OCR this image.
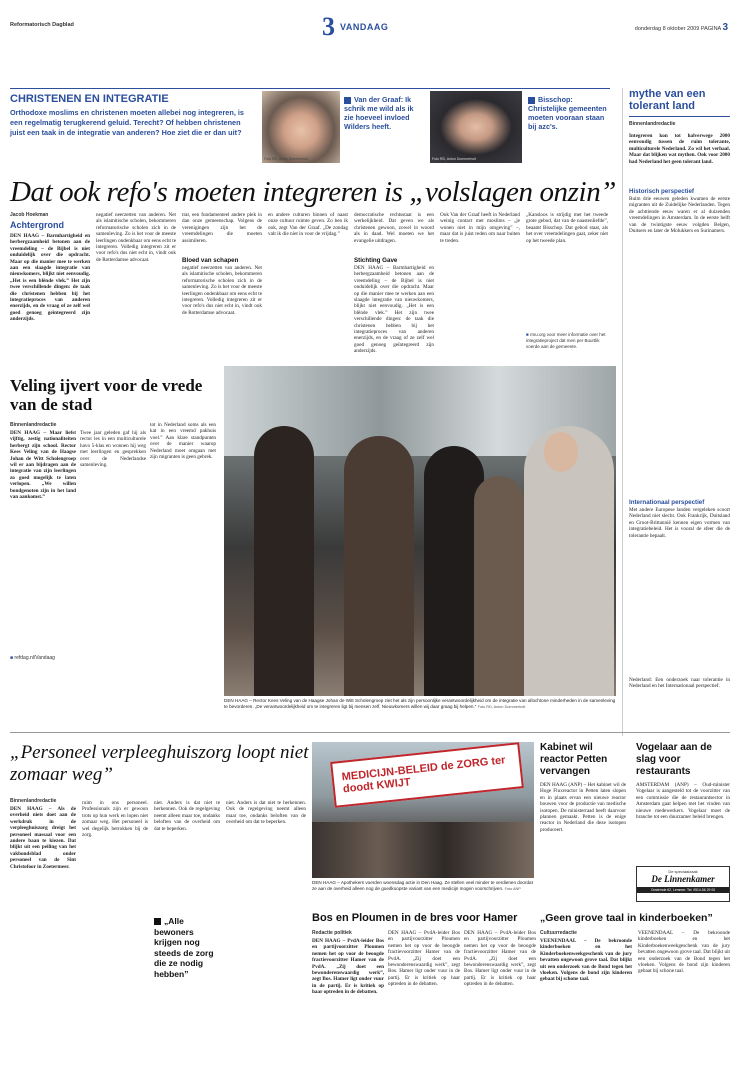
Reformatorisch Dagblad	3 VANDAAG	donderdag 8 oktober 2009 PAGINA 3
CHRISTENEN EN INTEGRATIE
Orthodoxe moslims en christenen moeten allebei nog integreren, is een regelmatig terugkerend geluid. Terecht? Of hebben christenen juist een taak in de integratie van anderen? Hoe ziet die er dan uit?
Foto RD, Anton Dommerholt
Van der Graaf: Ik schrik me wild als ik zie hoeveel invloed Wilders heeft.
Foto RD, Anton Dommerholt
Bisschop: Christelijke gemeenten moeten vooraan staan bij azc's.
Dat ook refo's moeten integreren is „volslagen onzin”
Jacob Hoekman
Achtergrond
DEN HAAG – Barmhartigheid en herbergzaamheid betonen aan de vreemdeling – de Bijbel is niet onduidelijk over die opdracht. Maar op die manier mee te werken aan een slaagde integratie van nieuwkomers, blijkt niet eenvoudig. „Het is een blênde vlek.” Het zijn twee verschillende dingen: de taak die christenen hebben bij het integratieproces van anderen enerzijds, en de vraag of ze zelf wel goed genoeg geïntegreerd zijn anderzijds.
negatief neerzetten van anderen. Net als islamitische scholen, bekommeren reformatorische scholen zich in de samenleving. Zo is het voor de meeste leerlingen ondenkbaar om eens echt te integreren. Volledig integreren zit er voor refo's dus niet echt in, vindt ook de Rotterdamse advocaat.
trat, een fundamenteel andere plek in dan onze gemeenschap. Volgens de verenigingen zijn het de vreemdelingen die moeten assimileren.
Bloed van schapen
negatief neerzetten van anderen. Net als islamitische scholen, bekommeren reformatorische scholen zich in de samenleving. Zo is het voor de meeste leerlingen ondenkbaar om eens echt te integreren. Volledig integreren zit er voor refo's dus niet echt in, vindt ook de Rotterdamse advocaat.
en andere culturen binnen of naast onze cultuur ruimte geven. Zo ben ik ook, zegt Van der Graaf. „De zondag valt ik die niet in voor de vrijdag.”
democratische rechtsstaat is een werkelijkheid. Dat geven we als christenen gewoon, zowel in woord als in daad. Wel moeten we het evangelie uitdragen.
Stichting Gave
DEN HAAG – Barmhartigheid en herbergzaamheid betonen aan de vreemdeling – de Bijbel is niet onduidelijk over die opdracht. Maar op die manier mee te werken aan een slaagde integratie van nieuwkomers, blijkt niet eenvoudig. „Het is een blênde vlek.” Het zijn twee verschillende dingen: de taak die christenen hebben bij het integratieproces van anderen enerzijds, en de vraag of ze zelf wel goed genoeg geïntegreerd zijn anderzijds.
Ook Van der Graaf heeft in Nederland weinig contact met moslims – „je wonen niet in mijn omgeving” –, maar dat is juist reden om naar buiten te treden.
„Kansloos is strijdig met het tweede grote gebod, dat van de naastenliefde”, beaamt Bisschop. Dat gebod staat, als het over vreemdelingen gaat, zeker niet op het tweede plan.
■ rmu.org voor meer informatie over het integratieproject dat men per Buurtlik voerde aan de gemeente.
mythe van een tolerant land
Binnenlandredactie
Integreren kon tot halverwege 2000 eenvoudig tussen de ruim tolerante, multiculturele Nederland. Zo wil het verhaal. Maar dat blijken wat mythen. Ook voor 2000 had Nederland het geen tolerant land.
Historisch perspectief
Ruim drie eeuwen geleden kwamen de eerste migranten uit de Zuidelijke Nederlanden. Tegen de achttiende eeuw waren er al duizenden vreemdelingen in Amsterdam. In de eerste helft van de twintigste eeuw volgden Belgen, Duitsers en later de Molukkers en Surinamers.
Internationaal perspectief
Met andere Europese landen vergeleken scoort Nederland niet slecht. Ook Frankrijk, Duitsland en Groot-Brittannië kennen eigen vormen van integratiebeleid. Het is vooral de sfeer die de tolerantie bepaalt.
Nederland: Een onderzoek naar tolerantie in Nederland en het Internationaal perspectief.
Veling ijvert voor de vrede van de stad
Binnenlandredactie
DEN HAAG – Maar liefst vijftig, zestig nationaliteiten herbergt zijn school. Rector Kees Veling van de Haagse Johan de Witt Scholengroep wil er aan bijdragen aan de integratie van zijn leerlingen zo goed mogelijk te laten verlopen. „We willen bondgenoten zijn in het land van aankomst.”
Twee jaar geleden gaf hij als rector les in een multiculturele havo 5-klas en wonnen hij weg met leerlingen en gesprekken over de Nederlandse samenleving.
tot in Nederland soms als een kat in een vreemd pakhuis voel.” Aan klare standpunten over de manier waarop Nederland moet omgaan met zijn migranten is geen gebrek.
■ refdag.nl/Vandaag
DEN HAAG – Rector Kees Veling van de Haagse Johan de Witt Scholengroep ziet het als zijn persoonlijke verantwoordelijkheid om de integratie van allochtone minderheden in de samenleving te bevorderen. „De verantwoordelijkheid om te integreren ligt bij mensen zelf. Nieuwkomers willen wij daar graag bij helpen.” Foto RD, Anton Dommerholt
„Personeel verpleeghuiszorg loopt niet zomaar weg”
Binnenlandredactie
DEN HAAG – Als de overheid niets doet aan de werkdruk in de verpleeghuiszorg dreigt het personeel massaal voor een andere baan te kiezen. Dat blijkt uit een peiling van het vakbondsblad onder personeel van de Sint Christofoor in Zoetermeer.
ruim in ons personeel. Professionals zijn er gewoon trots op hun werk en lopen niet zomaar weg. Het personeel is wel degelijk betrokken bij de zorg.
niet. Anders is dat niet te herkennen. Ook de regelgeving neemt alleen maar toe, ondanks beloften van de overheid om dat te beperken.
„Alle bewoners krijgen nog steeds de zorg die ze nodig hebben”
niet. Anders is dat niet te herkennen. Ook de regelgeving neemt alleen maar toe, ondanks beloften van de overheid om dat te beperken.
MEDICIJN-BELEID de ZORG ter doodt KWIJT
DEN HAAG – Apothekers voerden woensdag actie in Den Haag. Ze stellen veel minder te verdienen doordat ze aan de overheid alleen nog de goedkoopste variant van een medicijn mogen voorschrijven. Foto ANP
Kabinet wil reactor Petten vervangen
DEN HAAG (ANP) – Het kabinet wil de Hoge Fluxreactor in Petten laten slopen en in plaats ervan een nieuwe reactor bouwen voor de productie van medische isotopen. De ministerraad heeft daarvoor plannen gemaakt. Petten is de enige reactor in Nederland die deze isotopen produceert.
Vogelaar aan de slag voor restaurants
AMSTERDAM (ANP) – Oud-minister Vogelaar is aangesteld tot de voorzitter van een commissie die de restaurantsector in Amsterdam gaat helpen met het vinden van nieuwe medewerkers. Vogelaar moet de branche tot een duurzamer beleid brengen.
De speciaalzaak
De Linnenkamer
Oosteinde 62, Lemmer. Tel. 0514-56 29 00
Bos en Ploumen in de bres voor Hamer
Redactie politiek
DEN HAAG – PvdA-leider Bos en partijvoorzitter Ploumen nemen het op voor de beoogde fractievoorzitter Hamer van de PvdA. „Zij doet een bewonderenswaardig werk”, zegt Bos. Hamer ligt onder vuur in de partij. Er is kritiek op haar optreden in de debatten.
DEN HAAG – PvdA-leider Bos en partijvoorzitter Ploumen nemen het op voor de beoogde fractievoorzitter Hamer van de PvdA. „Zij doet een bewonderenswaardig werk”, zegt Bos. Hamer ligt onder vuur in de partij. Er is kritiek op haar optreden in de debatten.
DEN HAAG – PvdA-leider Bos en partijvoorzitter Ploumen nemen het op voor de beoogde fractievoorzitter Hamer van de PvdA. „Zij doet een bewonderenswaardig werk”, zegt Bos. Hamer ligt onder vuur in de partij. Er is kritiek op haar optreden in de debatten.
„Geen grove taal in kinderboeken”
Cultuurredactie
VEENENDAAL – De bekroonde kinderboeken en het Kinderboekenweekgeschenk van de jury bevatten ongewoon grove taal. Dat blijkt uit een onderzoek van de Bond tegen het vloeken. Volgens de bond zijn kinderen gebaat bij schone taal.
VEENENDAAL – De bekroonde kinderboeken en het Kinderboekenweekgeschenk van de jury bevatten ongewoon grove taal. Dat blijkt uit een onderzoek van de Bond tegen het vloeken. Volgens de bond zijn kinderen gebaat bij schone taal.
